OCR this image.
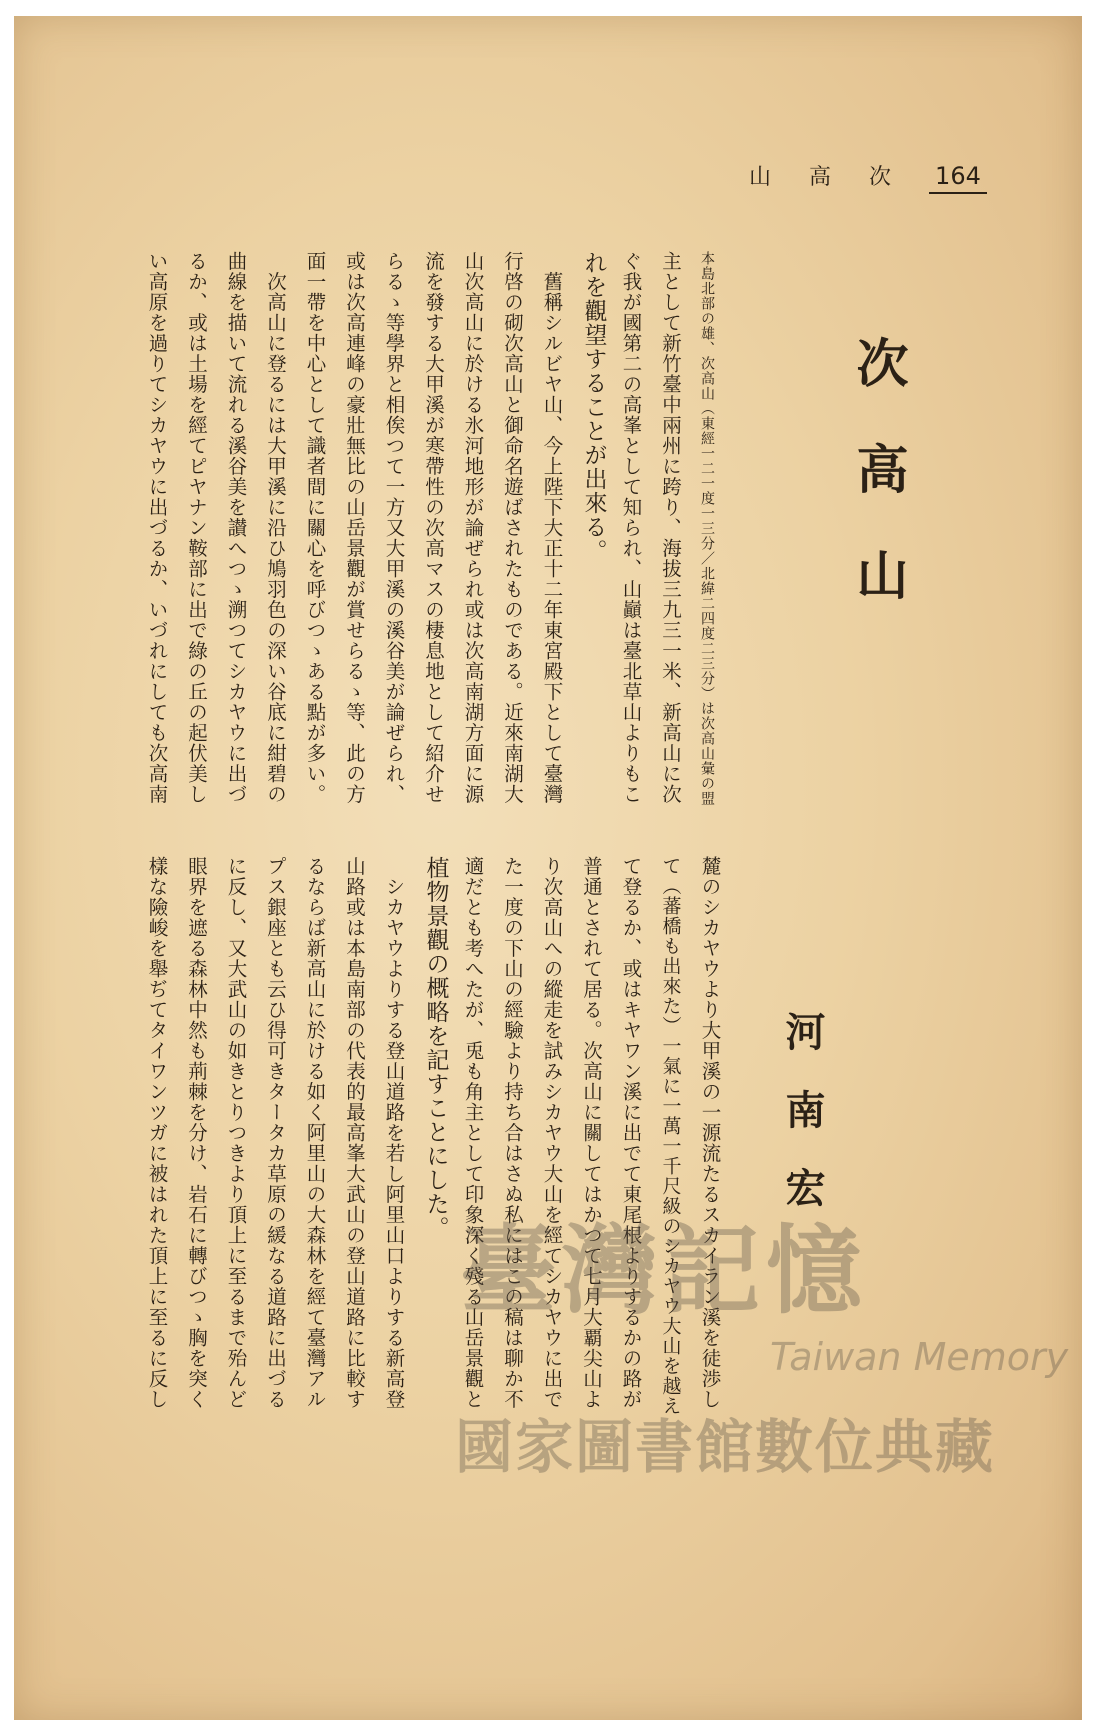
山 高 次 164
次高山
河南宏
本島北部の雄、次高山（東經一二一度一三分／北緯二四度二三分）は次高山彙の盟
主として新竹臺中兩州に跨り、海拔三九三一米、新高山に次
ぐ我が國第二の高峯として知られ、山巓は臺北草山よりもこ
れを觀望することが出來る。
　舊稱シルビヤ山、今上陛下大正十二年東宮殿下として臺灣
行啓の砌次高山と御命名遊ばされたものである。近來南湖大
山次高山に於ける氷河地形が論ぜられ或は次高南湖方面に源
流を發する大甲溪が寒帶性の次高マスの棲息地として紹介せ
らるゝ等學界と相俟つて一方又大甲溪の溪谷美が論ぜられ、
或は次高連峰の豪壯無比の山岳景觀が賞せらるゝ等、此の方
面一帶を中心として識者間に關心を呼びつゝある點が多い。
　次高山に登るには大甲溪に沿ひ鳩羽色の深い谷底に紺碧の
曲線を描いて流れる溪谷美を讃へつゝ溯つてシカヤウに出づ
るか、或は土場を經てピヤナン鞍部に出で綠の丘の起伏美し
い高原を過りてシカヤウに出づるか、いづれにしても次高南
麓のシカヤウより大甲溪の一源流たるスカイラン溪を徒渉し
て（蕃橋も出來た）一氣に一萬一千尺級のシカヤウ大山を越え
て登るか、或はキヤワン溪に出でて東尾根よりするかの路が
普通とされて居る。次高山に關してはかつて七月大覇尖山よ
り次高山への縱走を試みシカヤウ大山を經てシカヤウに出で
た一度の下山の經驗より持ち合はさぬ私にはこの稿は聊か不
適だとも考へたが、兎も角主として印象深く殘る山岳景觀と
植物景觀の概略を記すことにした。
　シカヤウよりする登山道路を若し阿里山口よりする新高登
山路或は本島南部の代表的最高峯大武山の登山道路に比較す
るならば新高山に於ける如く阿里山の大森林を經て臺灣アル
プス銀座とも云ひ得可きタータカ草原の緩なる道路に出づる
に反し、又大武山の如きとりつきより頂上に至るまで殆んど
眼界を遮る森林中然も荊棘を分け、岩石に轉びつゝ胸を突く
樣な險峻を舉ぢてタイワンツガに被はれた頂上に至るに反し	臺灣記憶
Taiwan Memory
國家圖書館數位典藏
